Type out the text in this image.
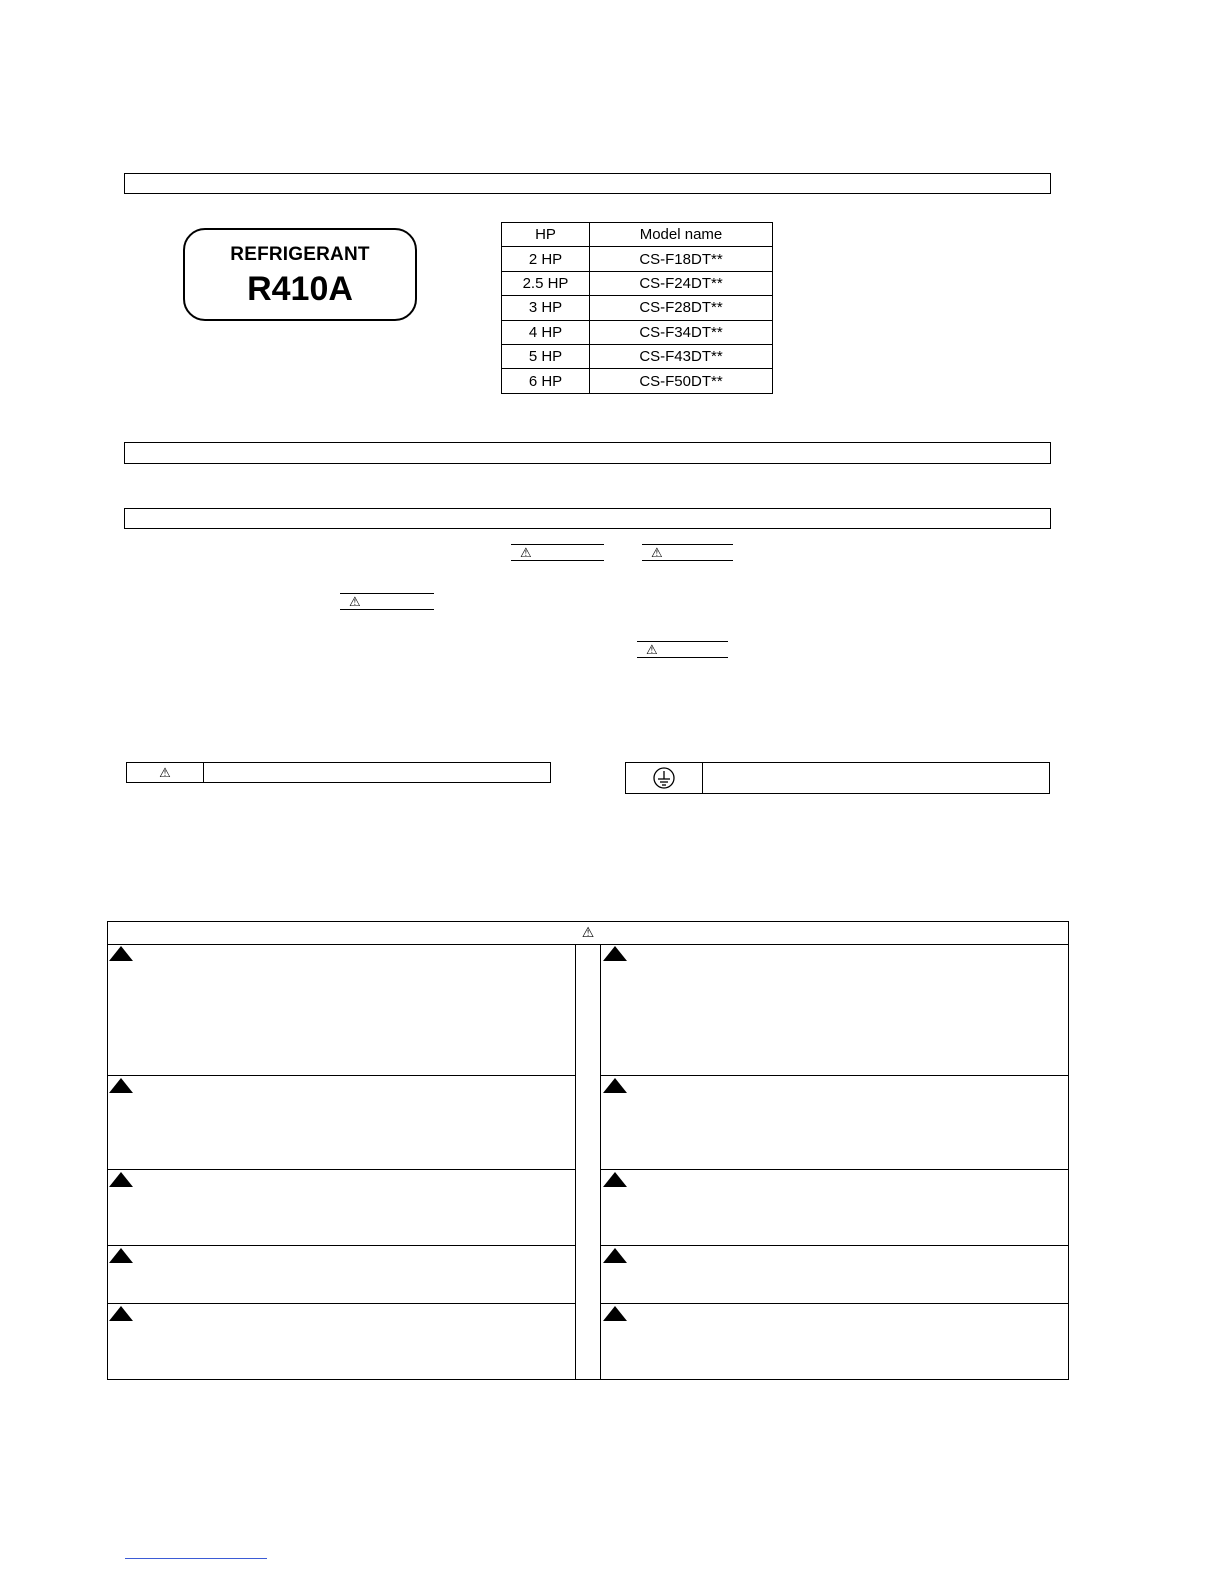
REFRIGERANT
R410A
HP	Model name
2 HP	CS-F18DT**
2.5 HP	CS-F24DT**
3 HP	CS-F28DT**
4 HP	CS-F34DT**
5 HP	CS-F43DT**
6 HP	CS-F50DT**
⚠	⚠
⚠
⚠
⚠
⚠
